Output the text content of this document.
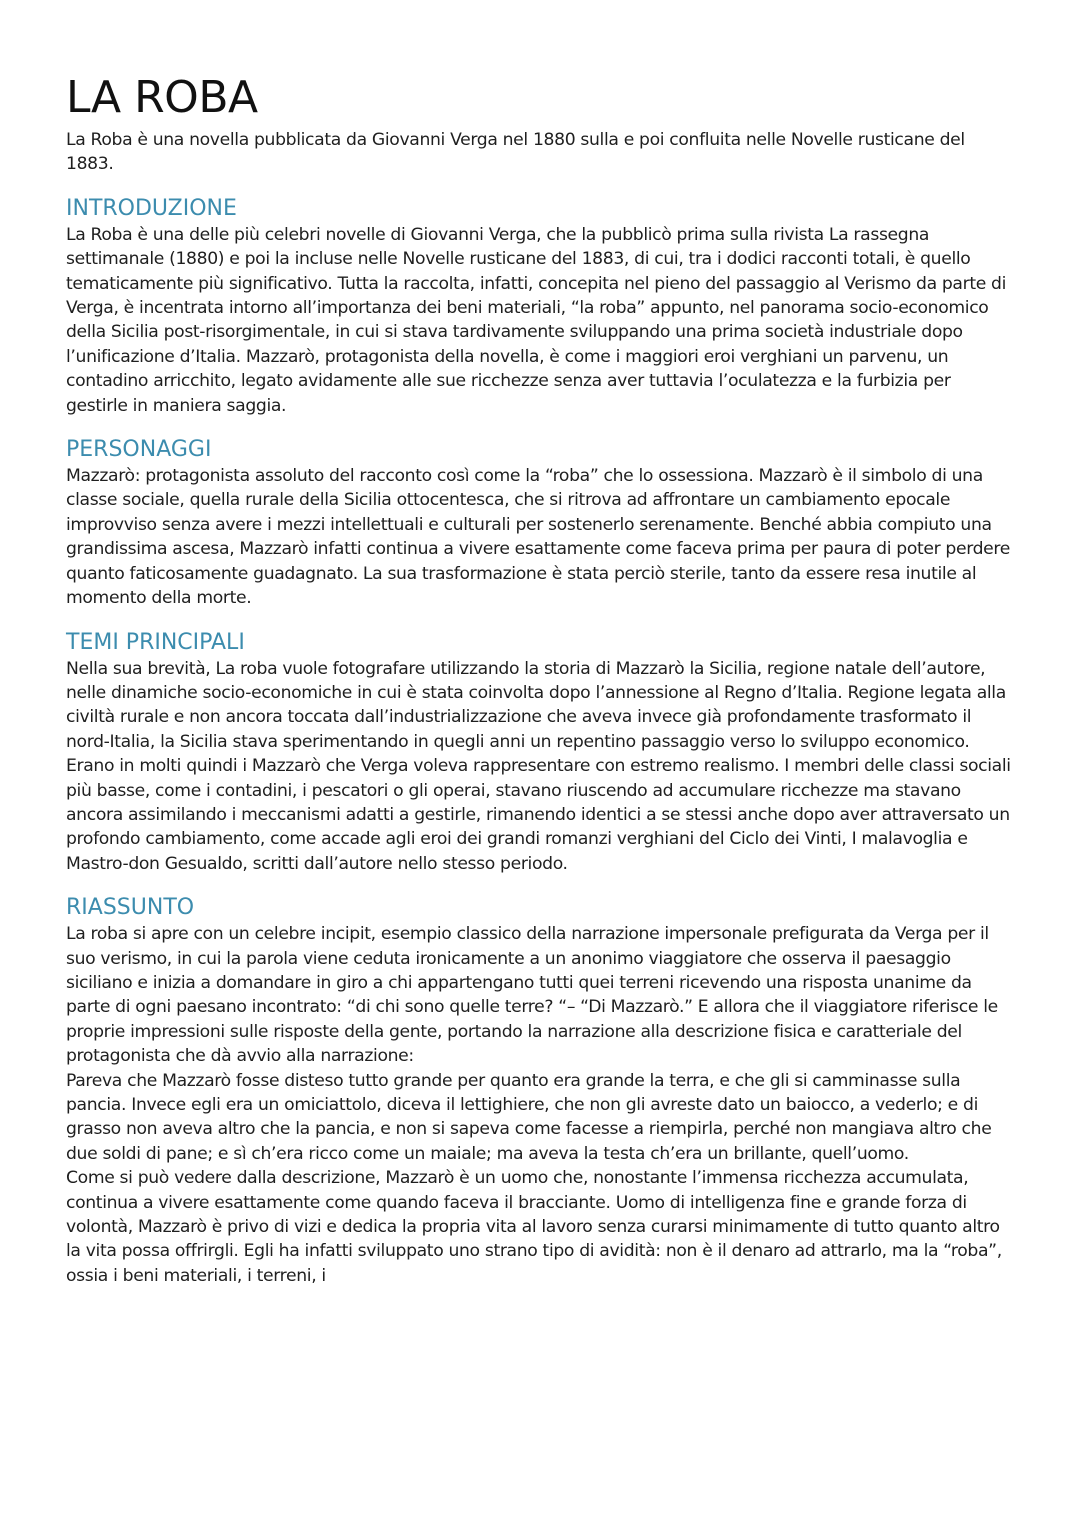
LA ROBA

La Roba è una novella pubblicata da Giovanni Verga nel 1880 sulla e poi confluita nelle Novelle rusticane del 1883.

INTRODUZIONE

La Roba è una delle più celebri novelle di Giovanni Verga, che la pubblicò prima sulla rivista La rassegna settimanale (1880) e poi la incluse nelle Novelle rusticane del 1883, di cui, tra i dodici racconti totali, è quello tematicamente più significativo. Tutta la raccolta, infatti, concepita nel pieno del passaggio al Verismo da parte di Verga, è incentrata intorno all’importanza dei beni materiali, “la roba” appunto, nel panorama socio-economico della Sicilia post-risorgimentale, in cui si stava tardivamente sviluppando una prima società industriale dopo l’unificazione d’Italia. Mazzarò, protagonista della novella, è come i maggiori eroi verghiani un parvenu, un contadino arricchito, legato avidamente alle sue ricchezze senza aver tuttavia l’oculatezza e la furbizia per gestirle in maniera saggia.

PERSONAGGI

Mazzarò: protagonista assoluto del racconto così come la “roba” che lo ossessiona. Mazzarò è il simbolo di una classe sociale, quella rurale della Sicilia ottocentesca, che si ritrova ad affrontare un cambiamento epocale improvviso senza avere i mezzi intellettuali e culturali per sostenerlo serenamente. Benché abbia compiuto una grandissima ascesa, Mazzarò infatti continua a vivere esattamente come faceva prima per paura di poter perdere quanto faticosamente guadagnato. La sua trasformazione è stata perciò sterile, tanto da essere resa inutile al momento della morte.

TEMI PRINCIPALI

Nella sua brevità, La roba vuole fotografare utilizzando la storia di Mazzarò la Sicilia, regione natale dell’autore, nelle dinamiche socio-economiche in cui è stata coinvolta dopo l’annessione al Regno d’Italia. Regione legata alla civiltà rurale e non ancora toccata dall’industrializzazione che aveva invece già profondamente trasformato il nord-Italia, la Sicilia stava sperimentando in quegli anni un repentino passaggio verso lo sviluppo economico. Erano in molti quindi i Mazzarò che Verga voleva rappresentare con estremo realismo. I membri delle classi sociali più basse, come i contadini, i pescatori o gli operai, stavano riuscendo ad accumulare ricchezze ma stavano ancora assimilando i meccanismi adatti a gestirle, rimanendo identici a se stessi anche dopo aver attraversato un profondo cambiamento, come accade agli eroi dei grandi romanzi verghiani del Ciclo dei Vinti, I malavoglia e Mastro-don Gesualdo, scritti dall’autore nello stesso periodo.

RIASSUNTO

La roba si apre con un celebre incipit, esempio classico della narrazione impersonale prefigurata da Verga per il suo verismo, in cui la parola viene ceduta ironicamente a un anonimo viaggiatore che osserva il paesaggio siciliano e inizia a domandare in giro a chi appartengano tutti quei terreni ricevendo una risposta unanime da parte di ogni paesano incontrato: “di chi sono quelle terre? “– “Di Mazzarò.” E allora che il viaggiatore riferisce le proprie impressioni sulle risposte della gente, portando la narrazione alla descrizione fisica e caratteriale del protagonista che dà avvio alla narrazione:

Pareva che Mazzarò fosse disteso tutto grande per quanto era grande la terra, e che gli si camminasse sulla pancia. Invece egli era un omiciattolo, diceva il lettighiere, che non gli avreste dato un baiocco, a vederlo; e di grasso non aveva altro che la pancia, e non si sapeva come facesse a riempirla, perché non mangiava altro che due soldi di pane; e sì ch’era ricco come un maiale; ma aveva la testa ch’era un brillante, quell’uomo.

Come si può vedere dalla descrizione, Mazzarò è un uomo che, nonostante l’immensa ricchezza accumulata, continua a vivere esattamente come quando faceva il bracciante. Uomo di intelligenza fine e grande forza di volontà, Mazzarò è privo di vizi e dedica la propria vita al lavoro senza curarsi minimamente di tutto quanto altro la vita possa offrirgli. Egli ha infatti sviluppato uno strano tipo di avidità: non è il denaro ad attrarlo, ma la “roba”, ossia i beni materiali, i terreni, i
